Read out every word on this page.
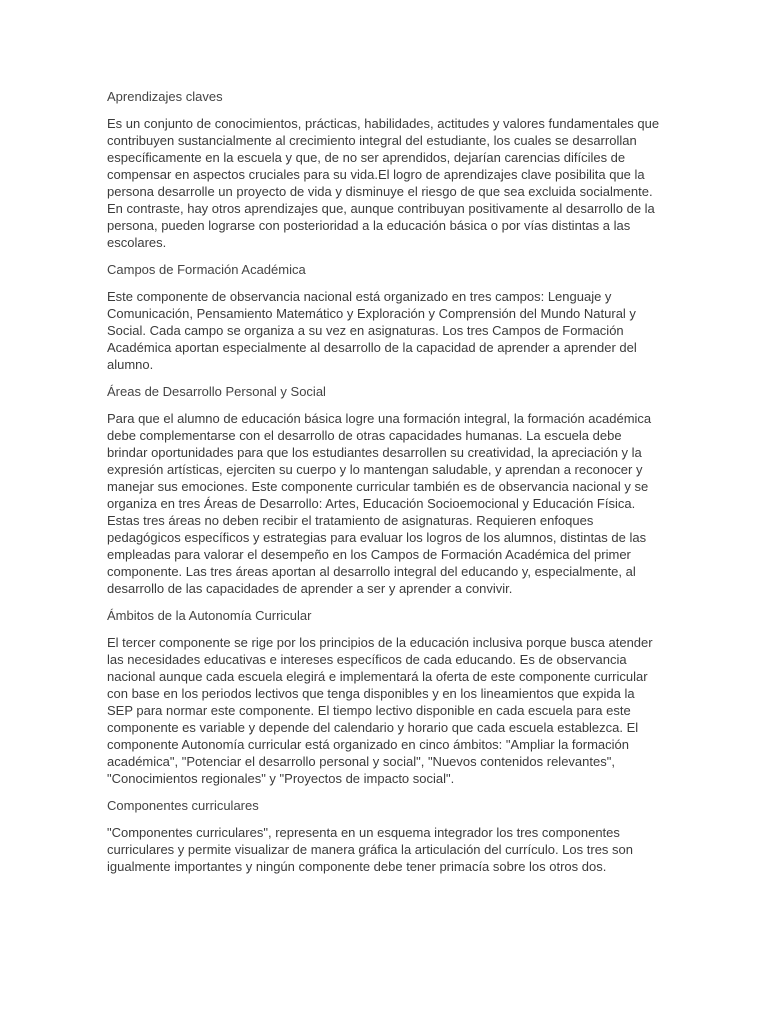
Aprendizajes claves

Es un conjunto de conocimientos, prácticas, habilidades, actitudes y valores fundamentales que contribuyen sustancialmente al crecimiento integral del estudiante, los cuales se desarrollan específicamente en la escuela y que, de no ser aprendidos, dejarían carencias difíciles de compensar en aspectos cruciales para su vida.El logro de aprendizajes clave posibilita que la persona desarrolle un proyecto de vida y disminuye el riesgo de que sea excluida socialmente. En contraste, hay otros aprendizajes que, aunque contribuyan positivamente al desarrollo de la persona, pueden lograrse con posterioridad a la educación básica o por vías distintas a las escolares.

Campos de Formación Académica

Este componente de observancia nacional está organizado en tres campos: Lenguaje y Comunicación, Pensamiento Matemático y Exploración y Comprensión del Mundo Natural y Social. Cada campo se organiza a su vez en asignaturas. Los tres Campos de Formación Académica aportan especialmente al desarrollo de la capacidad de aprender a aprender del alumno.

Áreas de Desarrollo Personal y Social

Para que el alumno de educación básica logre una formación integral, la formación académica debe complementarse con el desarrollo de otras capacidades humanas. La escuela debe brindar oportunidades para que los estudiantes desarrollen su creatividad, la apreciación y la expresión artísticas, ejerciten su cuerpo y lo mantengan saludable, y aprendan a reconocer y manejar sus emociones. Este componente curricular también es de observancia nacional y se organiza en tres Áreas de Desarrollo: Artes, Educación Socioemocional y Educación Física. Estas tres áreas no deben recibir el tratamiento de asignaturas. Requieren enfoques pedagógicos específicos y estrategias para evaluar los logros de los alumnos, distintas de las empleadas para valorar el desempeño en los Campos de Formación Académica del primer componente. Las tres áreas aportan al desarrollo integral del educando y, especialmente, al desarrollo de las capacidades de aprender a ser y aprender a convivir.

Ámbitos de la Autonomía Curricular

El tercer componente se rige por los principios de la educación inclusiva porque busca atender las necesidades educativas e intereses específicos de cada educando. Es de observancia nacional aunque cada escuela elegirá e implementará la oferta de este componente curricular con base en los periodos lectivos que tenga disponibles y en los lineamientos que expida la SEP para normar este componente. El tiempo lectivo disponible en cada escuela para este componente es variable y depende del calendario y horario que cada escuela establezca. El componente Autonomía curricular está organizado en cinco ámbitos: "Ampliar la formación académica", "Potenciar el desarrollo personal y social", "Nuevos contenidos relevantes", "Conocimientos regionales" y "Proyectos de impacto social".

Componentes curriculares

"Componentes curriculares", representa en un esquema integrador los tres componentes curriculares y permite visualizar de manera gráfica la articulación del currículo. Los tres son igualmente importantes y ningún componente debe tener primacía sobre los otros dos.
